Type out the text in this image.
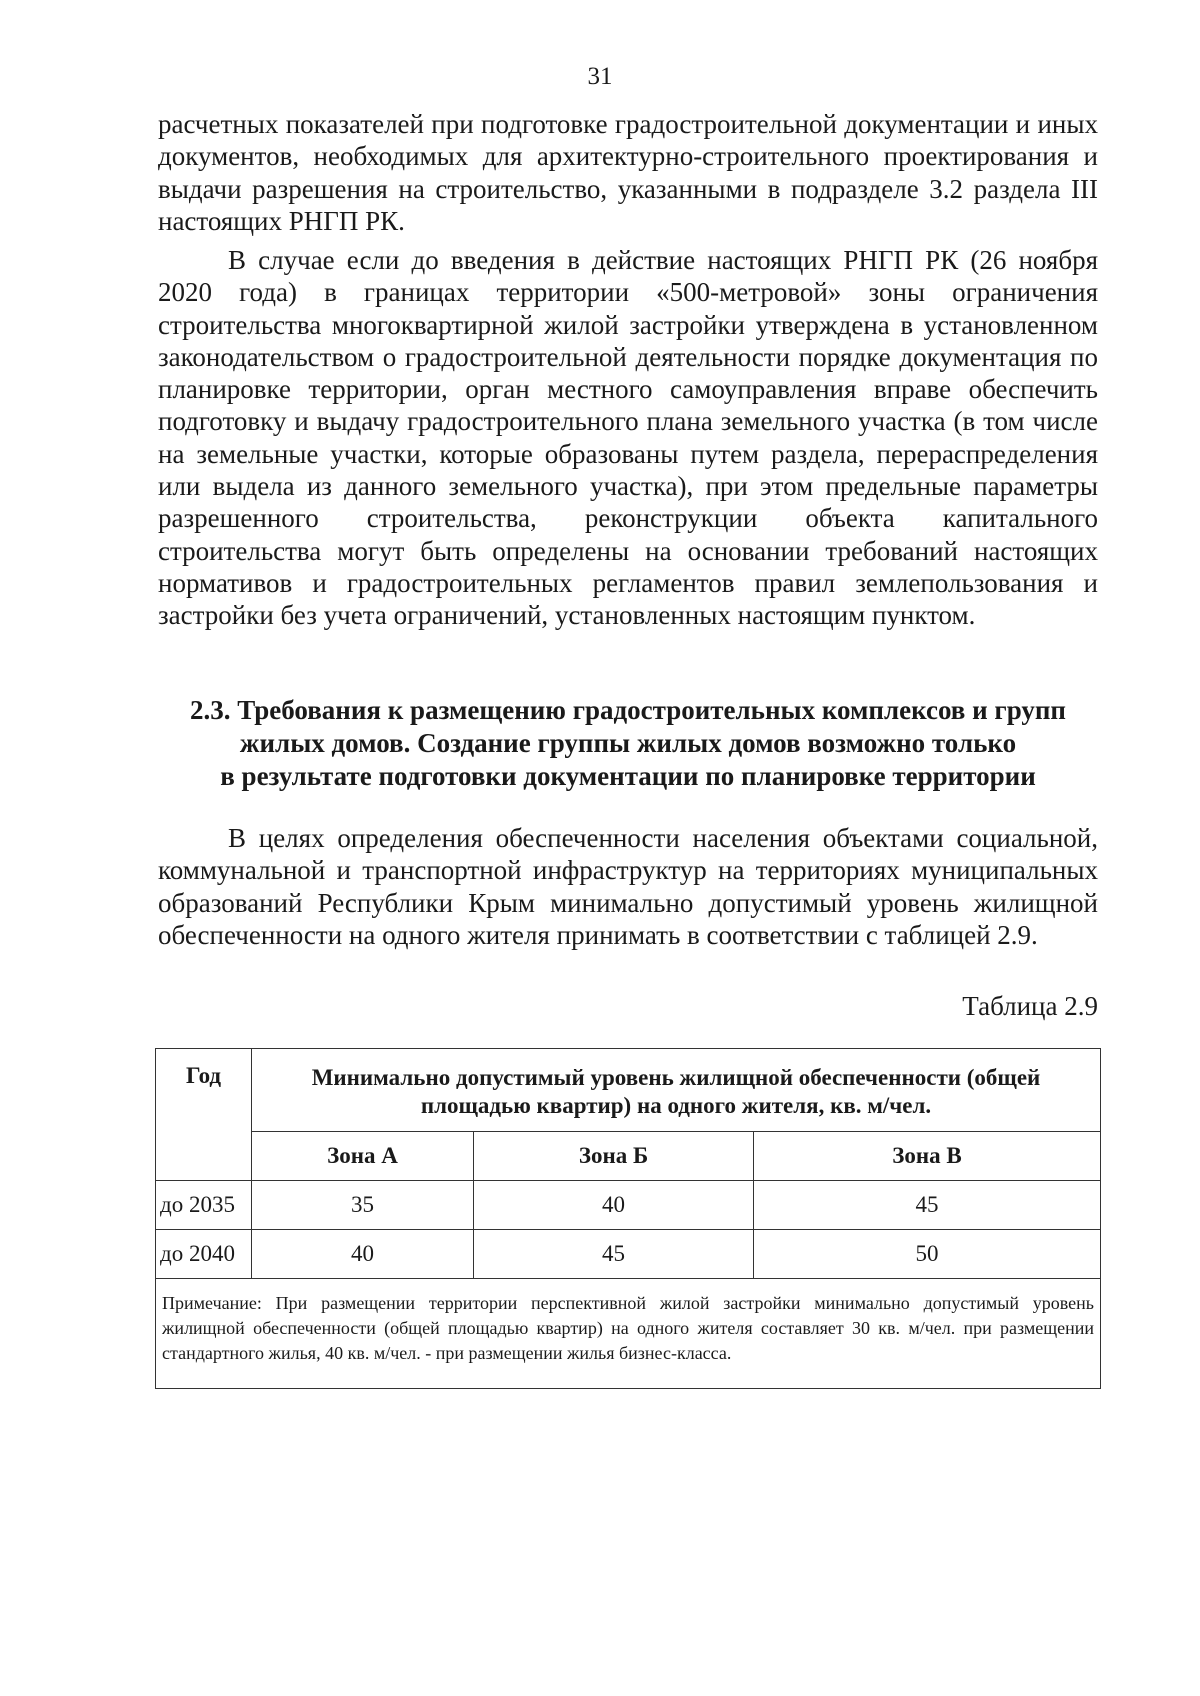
31

расчетных показателей при подготовке градостроительной документации и иных документов, необходимых для архитектурно-строительного проектирования и выдачи разрешения на строительство, указанными в подразделе 3.2 раздела III настоящих РНГП РК.

В случае если до введения в действие настоящих РНГП РК (26 ноября 2020 года) в границах территории «500-метровой» зоны ограничения строительства многоквартирной жилой застройки утверждена в установленном законодательством о градостроительной деятельности порядке документация по планировке территории, орган местного самоуправления вправе обеспечить подготовку и выдачу градостроительного плана земельного участка (в том числе на земельные участки, которые образованы путем раздела, перераспределения или выдела из данного земельного участка), при этом предельные параметры разрешенного строительства, реконструкции объекта капитального строительства могут быть определены на основании требований настоящих нормативов и градостроительных регламентов правил землепользования и застройки без учета ограничений, установленных настоящим пунктом.

2.3. Требования к размещению градостроительных комплексов и групп
жилых домов. Создание группы жилых домов возможно только
в результате подготовки документации по планировке территории

В целях определения обеспеченности населения объектами социальной, коммунальной и транспортной инфраструктур на территориях муниципальных образований Республики Крым минимально допустимый уровень жилищной обеспеченности на одного жителя принимать в соответствии с таблицей 2.9.

Таблица 2.9
Год	Минимально допустимый уровень жилищной обеспеченности (общей площадью квартир) на одного жителя, кв. м/чел.		
	Зона А	Зона Б	Зона В
до 2035	35	40	45
до 2040	40	45	50
Примечание: При размещении территории перспективной жилой застройки минимально допустимый уровень жилищной обеспеченности (общей площадью квартир) на одного жителя составляет 30 кв. м/чел. при размещении стандартного жилья, 40 кв. м/чел. - при размещении жилья бизнес-класса.			
